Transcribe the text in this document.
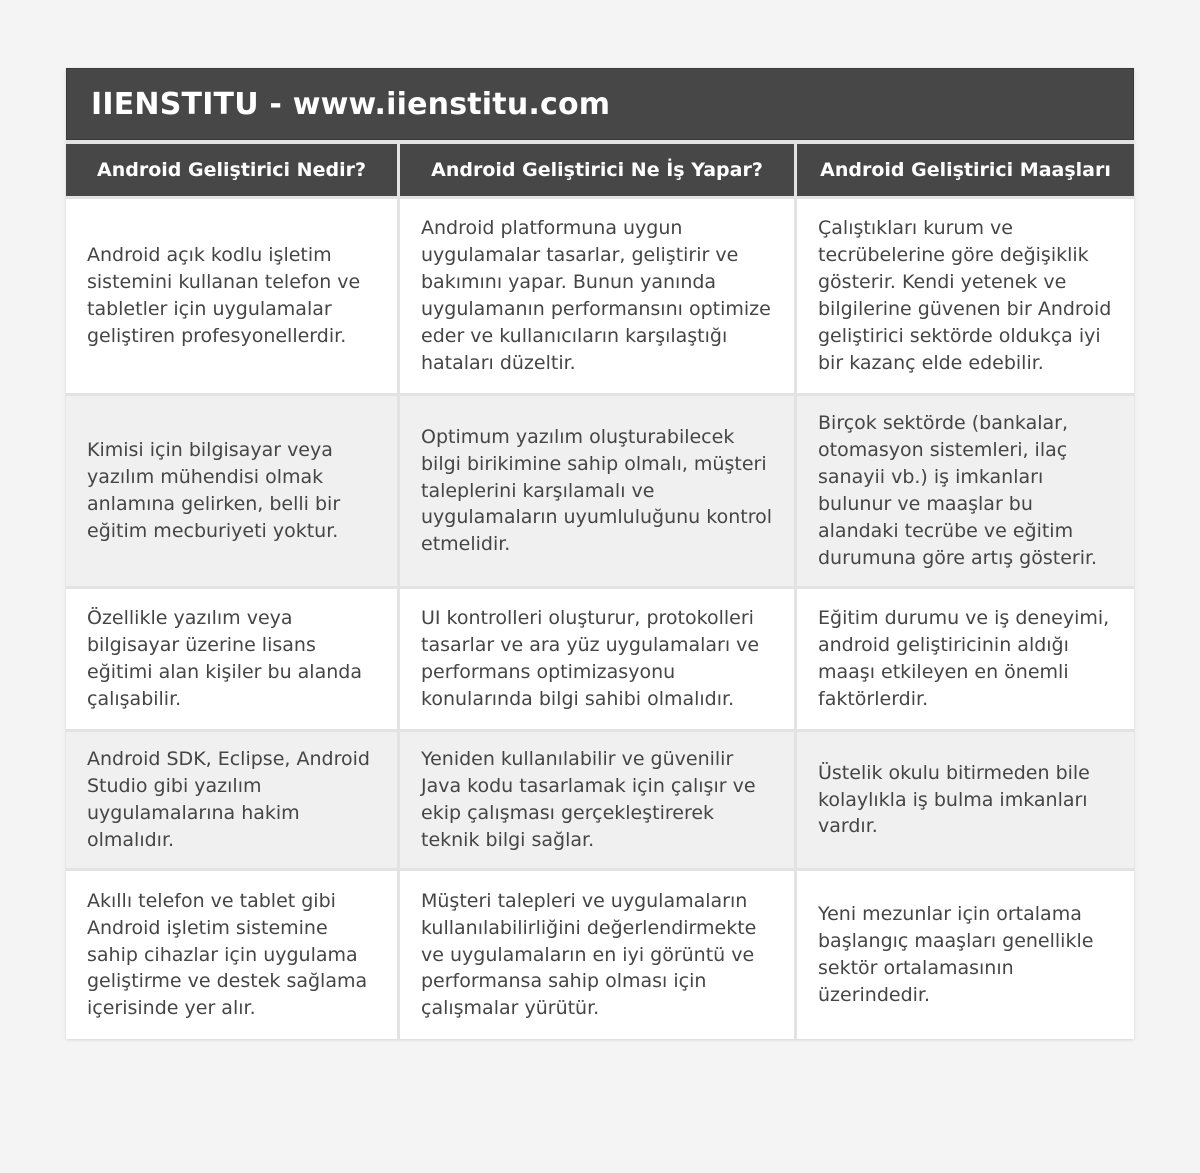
IIENSTITU - www.iienstitu.com
Android Geliştirici Nedir?	Android Geliştirici Ne İş Yapar?	Android Geliştirici Maaşları
Android açık kodlu işletim sistemini kullanan telefon ve tabletler için uygulamalar geliştiren profesyonellerdir.
Android platformuna uygun uygulamalar tasarlar, geliştirir ve bakımını yapar. Bunun yanında uygulamanın performansını optimize eder ve kullanıcıların karşılaştığı hataları düzeltir.
Çalıştıkları kurum ve tecrübelerine göre değişiklik gösterir. Kendi yetenek ve bilgilerine güvenen bir Android geliştirici sektörde oldukça iyi bir kazanç elde edebilir.
Kimisi için bilgisayar veya yazılım mühendisi olmak anlamına gelirken, belli bir eğitim mecburiyeti yoktur.
Optimum yazılım oluşturabilecek bilgi birikimine sahip olmalı, müşteri taleplerini karşılamalı ve uygulamaların uyumluluğunu kontrol etmelidir.
Birçok sektörde (bankalar, otomasyon sistemleri, ilaç sanayii vb.) iş imkanları bulunur ve maaşlar bu alandaki tecrübe ve eğitim durumuna göre artış gösterir.
Özellikle yazılım veya bilgisayar üzerine lisans eğitimi alan kişiler bu alanda çalışabilir.
UI kontrolleri oluşturur, protokolleri tasarlar ve ara yüz uygulamaları ve performans optimizasyonu konularında bilgi sahibi olmalıdır.
Eğitim durumu ve iş deneyimi, android geliştiricinin aldığı maaşı etkileyen en önemli faktörlerdir.
Android SDK, Eclipse, Android Studio gibi yazılım uygulamalarına hakim olmalıdır.
Yeniden kullanılabilir ve güvenilir Java kodu tasarlamak için çalışır ve ekip çalışması gerçekleştirerek teknik bilgi sağlar.
Üstelik okulu bitirmeden bile kolaylıkla iş bulma imkanları vardır.
Akıllı telefon ve tablet gibi Android işletim sistemine sahip cihazlar için uygulama geliştirme ve destek sağlama içerisinde yer alır.
Müşteri talepleri ve uygulamaların kullanılabilirliğini değerlendirmekte ve uygulamaların en iyi görüntü ve performansa sahip olması için çalışmalar yürütür.
Yeni mezunlar için ortalama başlangıç maaşları genellikle sektör ortalamasının üzerindedir.
